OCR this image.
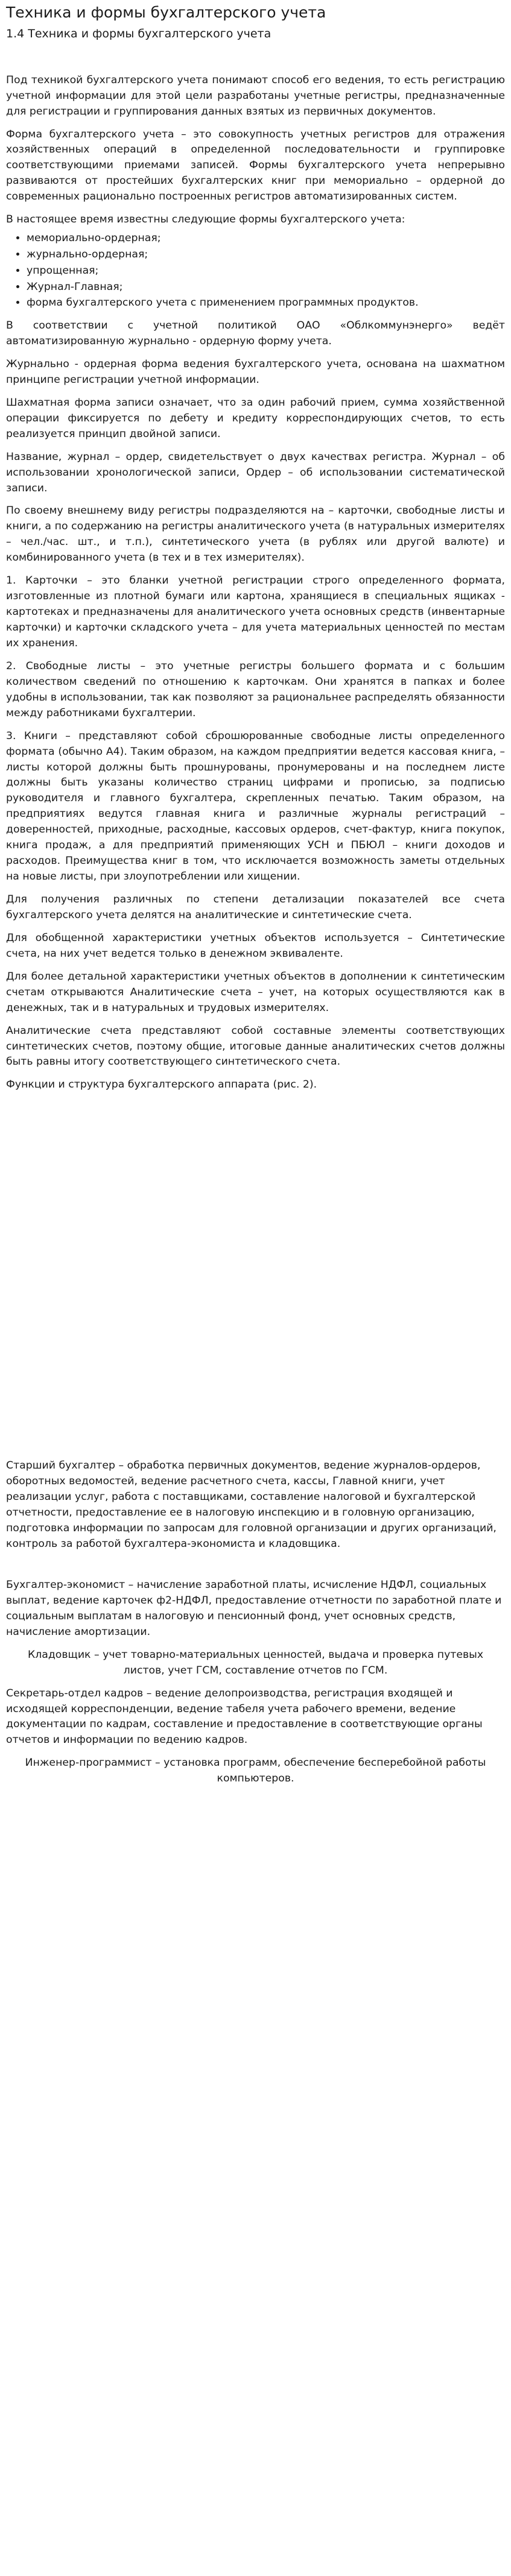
Техника и формы бухгалтерского учета
1.4 Техника и формы бухгалтерского учета

Под техникой бухгалтерского учета понимают способ его ведения, то есть регистрацию учетной информации для этой цели разработаны учетные регистры, предназначенные для регистрации и группирования данных взятых из первичных документов.

Форма бухгалтерского учета – это совокупность учетных регистров для отражения хозяйственных операций в определенной последовательности и группировке соответствующими приемами записей. Формы бухгалтерского учета непрерывно развиваются от простейших бухгалтерских книг при мемориально – ордерной до современных рационально построенных регистров автоматизированных систем.

В настоящее время известны следующие формы бухгалтерского учета:

• мемориально-ордерная;
• журнально-ордерная;
• упрощенная;
• Журнал-Главная;
• форма бухгалтерского учета с применением программных продуктов.

В соответствии с учетной политикой ОАО «Облкоммунэнерго» ведёт автоматизированную журнально - ордерную форму учета.

Журнально - ордерная форма ведения бухгалтерского учета, основана на шахматном принципе регистрации учетной информации.

Шахматная форма записи означает, что за один рабочий прием, сумма хозяйственной операции фиксируется по дебету и кредиту корреспондирующих счетов, то есть реализуется принцип двойной записи.

Название, журнал – ордер, свидетельствует о двух качествах регистра. Журнал – об использовании хронологической записи, Ордер – об использовании систематической записи.

По своему внешнему виду регистры подразделяются на – карточки, свободные листы и книги, а по содержанию на регистры аналитического учета (в натуральных измерителях – чел./час. шт., и т.п.), синтетического учета (в рублях или другой валюте) и комбинированного учета (в тех и в тех измерителях).

1. Карточки – это бланки учетной регистрации строго определенного формата, изготовленные из плотной бумаги или картона, хранящиеся в специальных ящиках - картотеках и предназначены для аналитического учета основных средств (инвентарные карточки) и карточки складского учета – для учета материальных ценностей по местам их хранения.

2. Свободные листы – это учетные регистры большего формата и с большим количеством сведений по отношению к карточкам. Они хранятся в папках и более удобны в использовании, так как позволяют за рациональнее распределять обязанности между работниками бухгалтерии.

3. Книги – представляют собой сброшюрованные свободные листы определенного формата (обычно А4). Таким образом, на каждом предприятии ведется кассовая книга, – листы которой должны быть прошнурованы, пронумерованы и на последнем листе должны быть указаны количество страниц цифрами и прописью, за подписью руководителя и главного бухгалтера, скрепленных печатью. Таким образом, на предприятиях ведутся главная книга и различные журналы регистраций – доверенностей, приходные, расходные, кассовых ордеров, счет-фактур, книга покупок, книга продаж, а для предприятий применяющих УСН и ПБЮЛ – книги доходов и расходов. Преимущества книг в том, что исключается возможность заметы отдельных на новые листы, при злоупотреблении или хищении.

Для получения различных по степени детализации показателей все счета бухгалтерского учета делятся на аналитические и синтетические счета.

Для обобщенной характеристики учетных объектов используется – Синтетические счета, на них учет ведется только в денежном эквиваленте.

Для более детальной характеристики учетных объектов в дополнении к синтетическим счетам открываются Аналитические счета – учет, на которых осуществляются как в денежных, так и в натуральных и трудовых измерителях.

Аналитические счета представляют собой составные элементы соответствующих синтетических счетов, поэтому общие, итоговые данные аналитических счетов должны быть равны итогу соответствующего синтетического счета.

Функции и структура бухгалтерского аппарата (рис. 2).

Старший бухгалтер – обработка первичных документов, ведение журналов-ордеров, оборотных ведомостей, ведение расчетного счета, кассы, Главной книги, учет реализации услуг, работа с поставщиками, составление налоговой и бухгалтерской отчетности, предоставление ее в налоговую инспекцию и в головную организацию, подготовка информации по запросам для головной организации и других организаций, контроль за работой бухгалтера-экономиста и кладовщика.

Бухгалтер-экономист – начисление заработной платы, исчисление НДФЛ, социальных выплат, ведение карточек ф2-НДФЛ, предоставление отчетности по заработной плате и социальным выплатам в налоговую и пенсионный фонд, учет основных средств, начисление амортизации.

Кладовщик – учет товарно-материальных ценностей, выдача и проверка путевых листов, учет ГСМ, составление отчетов по ГСМ.

Секретарь-отдел кадров – ведение делопроизводства, регистрация входящей и исходящей корреспонденции, ведение табеля учета рабочего времени, ведение документации по кадрам, составление и предоставление в соответствующие органы отчетов и информации по ведению кадров.

Инженер-программист – установка программ, обеспечение бесперебойной работы компьютеров.
